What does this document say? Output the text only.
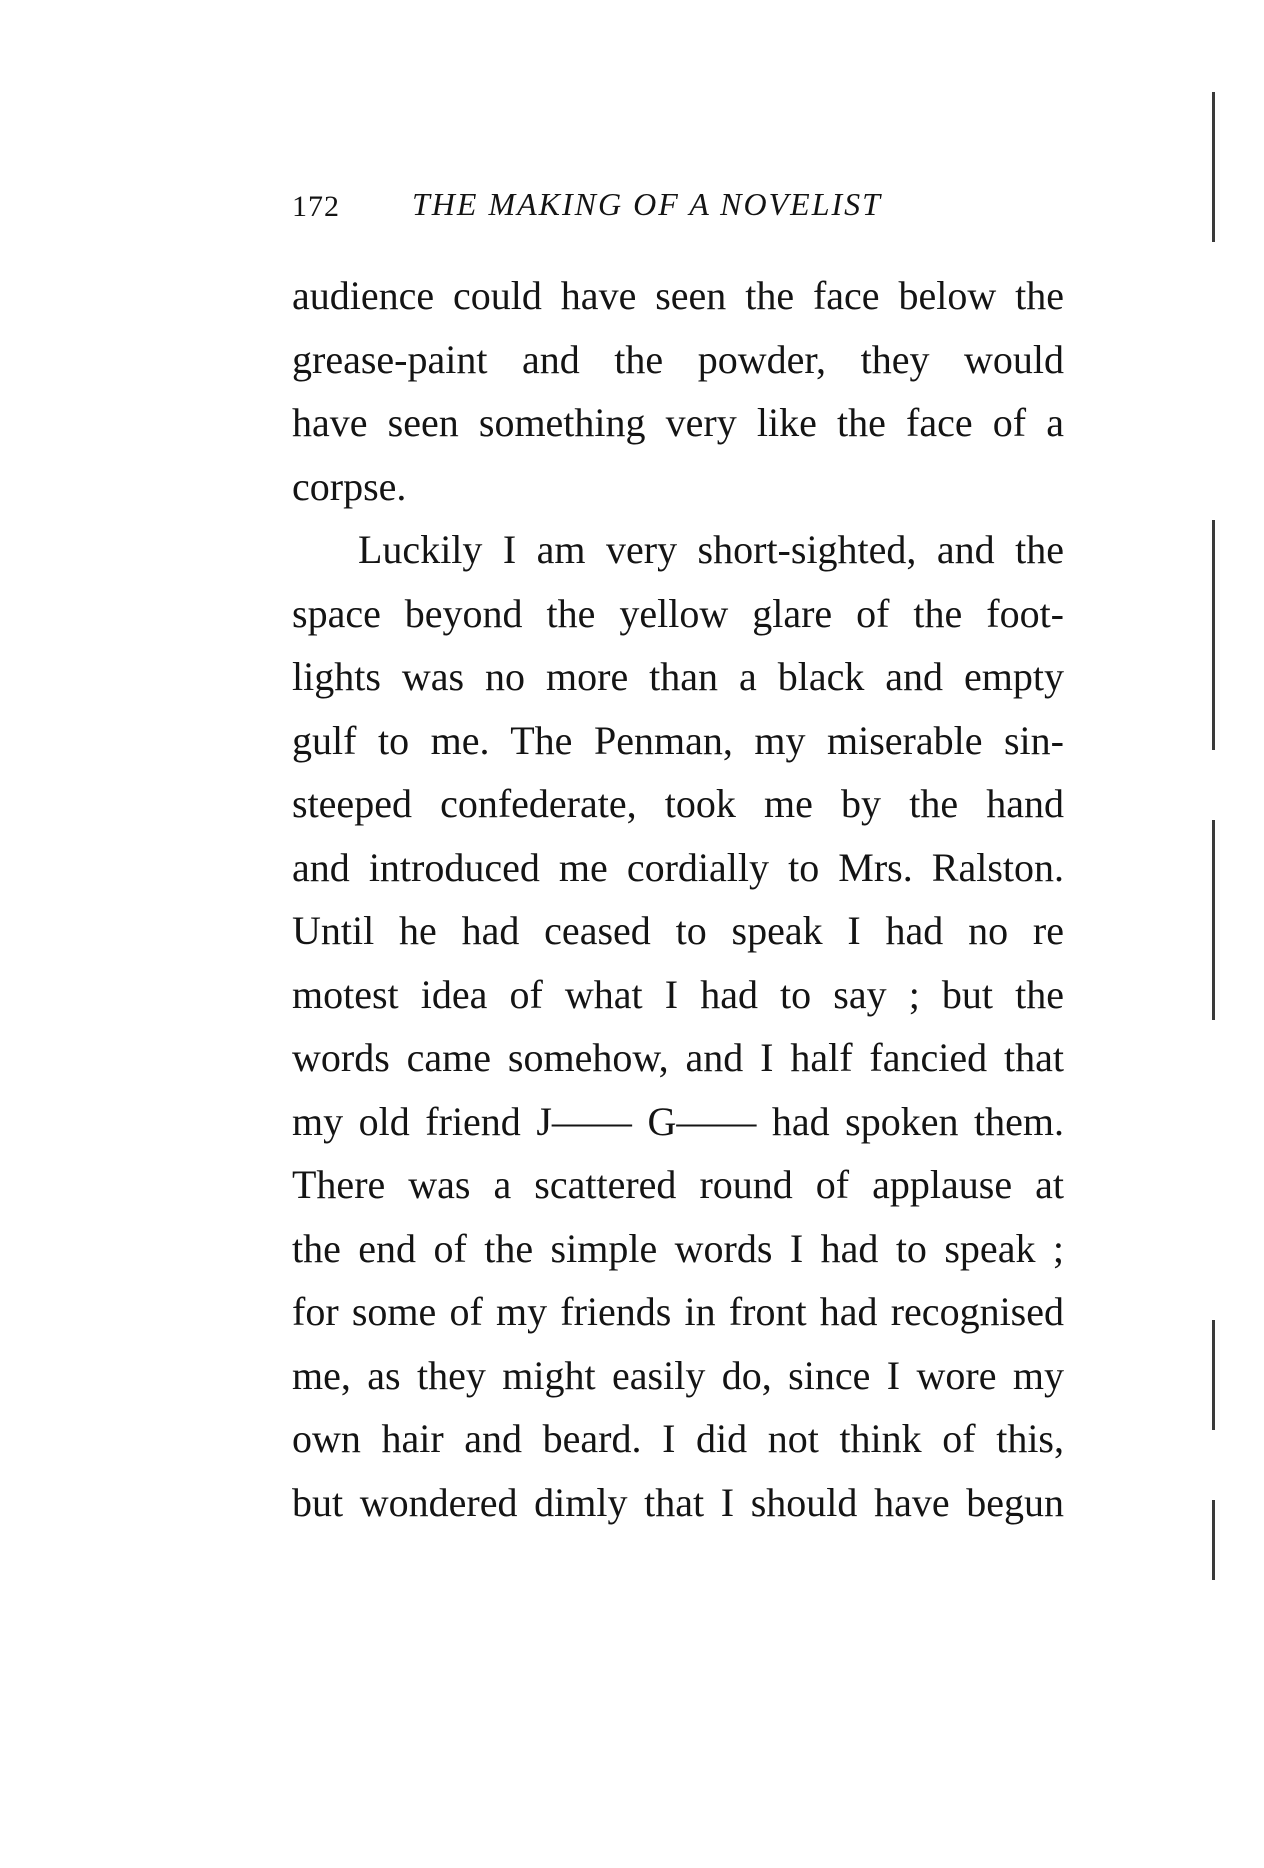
172 THE MAKING OF A NOVELIST
audience could have seen the face below the
grease-paint and the powder, they would
have seen something very like the face of a
corpse.
Luckily I am very short-sighted, and the
space beyond the yellow glare of the foot-
lights was no more than a black and empty
gulf to me. The Penman, my miserable sin-
steeped confederate, took me by the hand
and introduced me cordially to Mrs. Ralston.
Until he had ceased to speak I had no re
motest idea of what I had to say ; but the
words came somehow, and I half fancied that
my old friend J—— G—— had spoken them.
There was a scattered round of applause at
the end of the simple words I had to speak ;
for some of my friends in front had recognised
me, as they might easily do, since I wore my
own hair and beard. I did not think of this,
but wondered dimly that I should have begun
